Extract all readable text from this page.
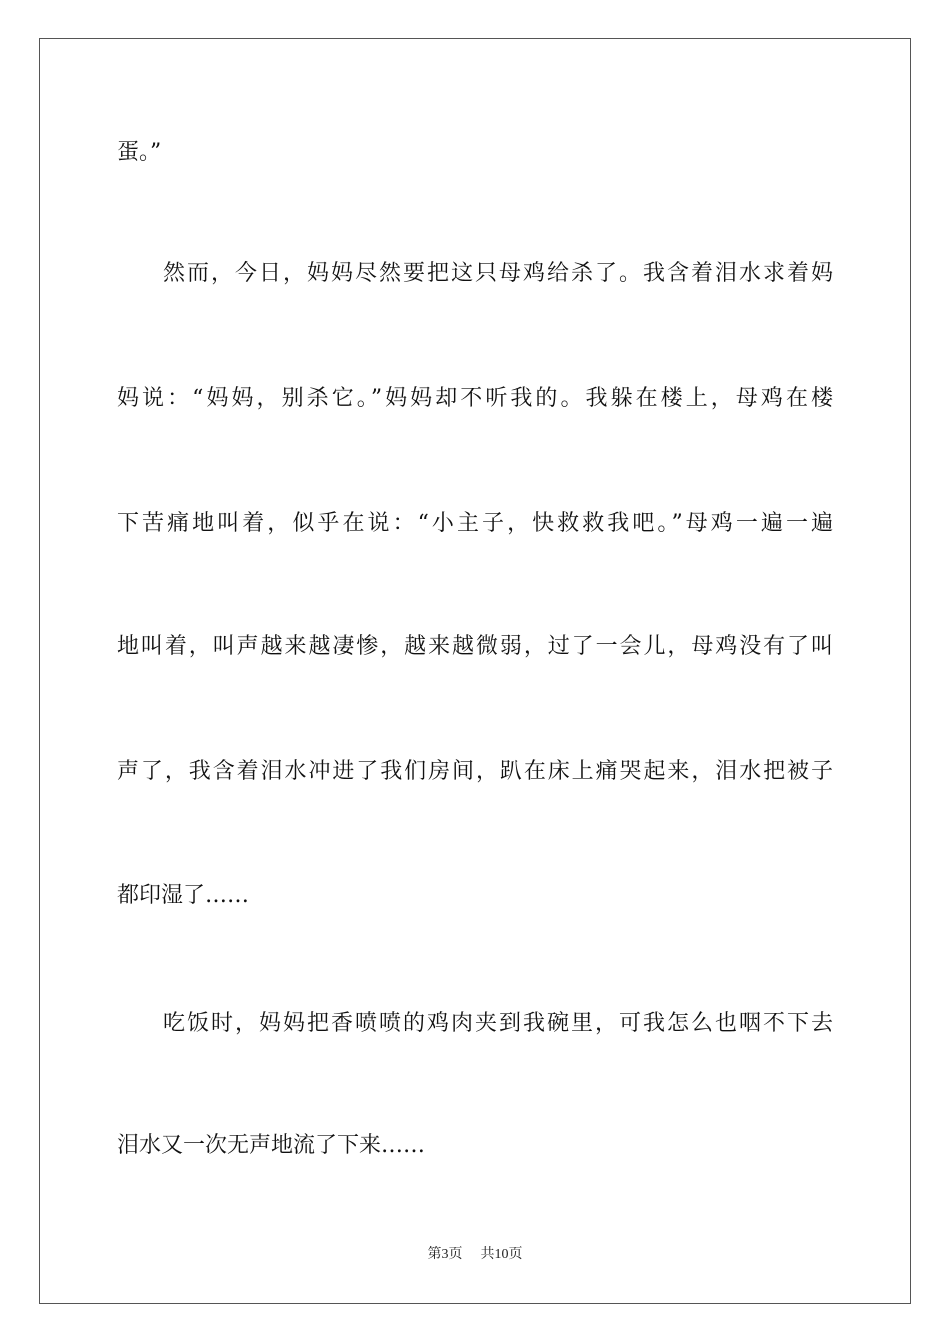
蛋。”
然而，今日，妈妈尽然要把这只母鸡给杀了。我含着泪水求着妈
妈说：“妈妈，别杀它。”妈妈却不听我的。我躲在楼上，母鸡在楼
下苦痛地叫着，似乎在说：“小主子，快救救我吧。”母鸡一遍一遍
地叫着，叫声越来越凄惨，越来越微弱，过了一会儿，母鸡没有了叫
声了，我含着泪水冲进了我们房间，趴在床上痛哭起来，泪水把被子
都印湿了……
吃饭时，妈妈把香喷喷的鸡肉夹到我碗里，可我怎么也咽不下去
泪水又一次无声地流了下来……
第3页 共10页
